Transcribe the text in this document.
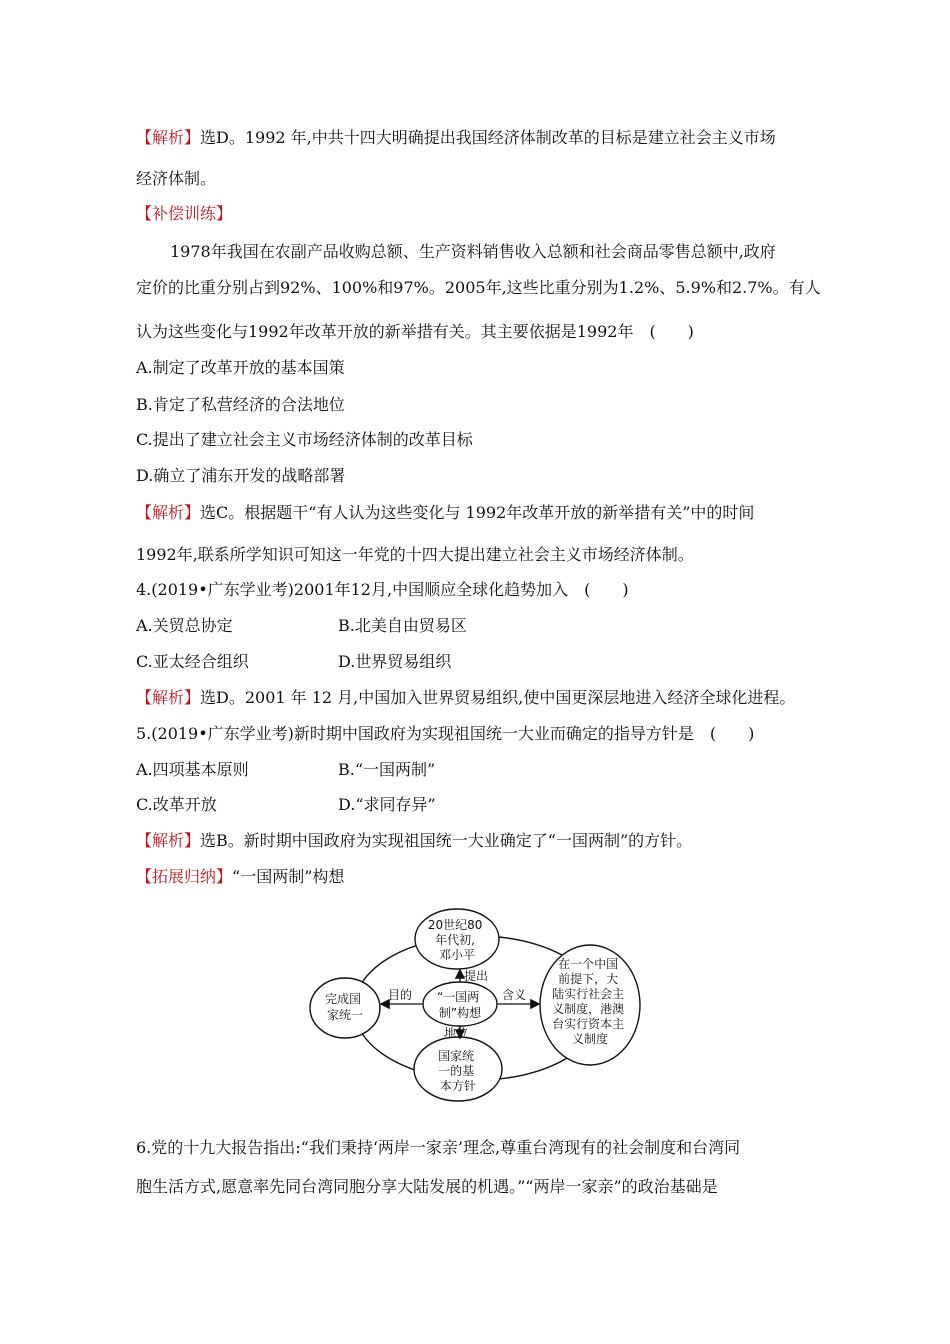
【解析】选D。1992 年,中共十四大明确提出我国经济体制改革的目标是建立社会主义市场
经济体制。
【补偿训练】
1978年我国在农副产品收购总额、生产资料销售收入总额和社会商品零售总额中,政府
定价的比重分别占到92%、100%和97%。2005年,这些比重分别为1.2%、5.9%和2.7%。有人
认为这些变化与1992年改革开放的新举措有关。其主要依据是1992年　(　　)
A.制定了改革开放的基本国策
B.肯定了私营经济的合法地位
C.提出了建立社会主义市场经济体制的改革目标
D.确立了浦东开发的战略部署
【解析】选C。根据题干“有人认为这些变化与 1992年改革开放的新举措有关”中的时间
1992年,联系所学知识可知这一年党的十四大提出建立社会主义市场经济体制。
4.(2019•广东学业考)2001年12月,中国顺应全球化趋势加入　(　　)
A.关贸总协定	B.北美自由贸易区
C.亚太经合组织	D.世界贸易组织
【解析】选D。2001 年 12 月,中国加入世界贸易组织,使中国更深层地进入经济全球化进程。
5.(2019•广东学业考)新时期中国政府为实现祖国统一大业而确定的指导方针是　(　　)
A.四项基本原则	B.“一国两制”
C.改革开放	D.“求同存异”
【解析】选B。新时期中国政府为实现祖国统一大业确定了“一国两制”的方针。
【拓展归纳】“一国两制”构想
20世纪80 年代初, 邓小平
完成国 家统一
“一国两 制”构想
在一个中国 前提下，大 陆实行社会主 义制度，港澳 台实行资本主 义制度
国家统 一的基 本方针
提出
目的	含义
地位
6.党的十九大报告指出:“我们秉持‘两岸一家亲’理念,尊重台湾现有的社会制度和台湾同
胞生活方式,愿意率先同台湾同胞分享大陆发展的机遇。”“两岸一家亲”的政治基础是
